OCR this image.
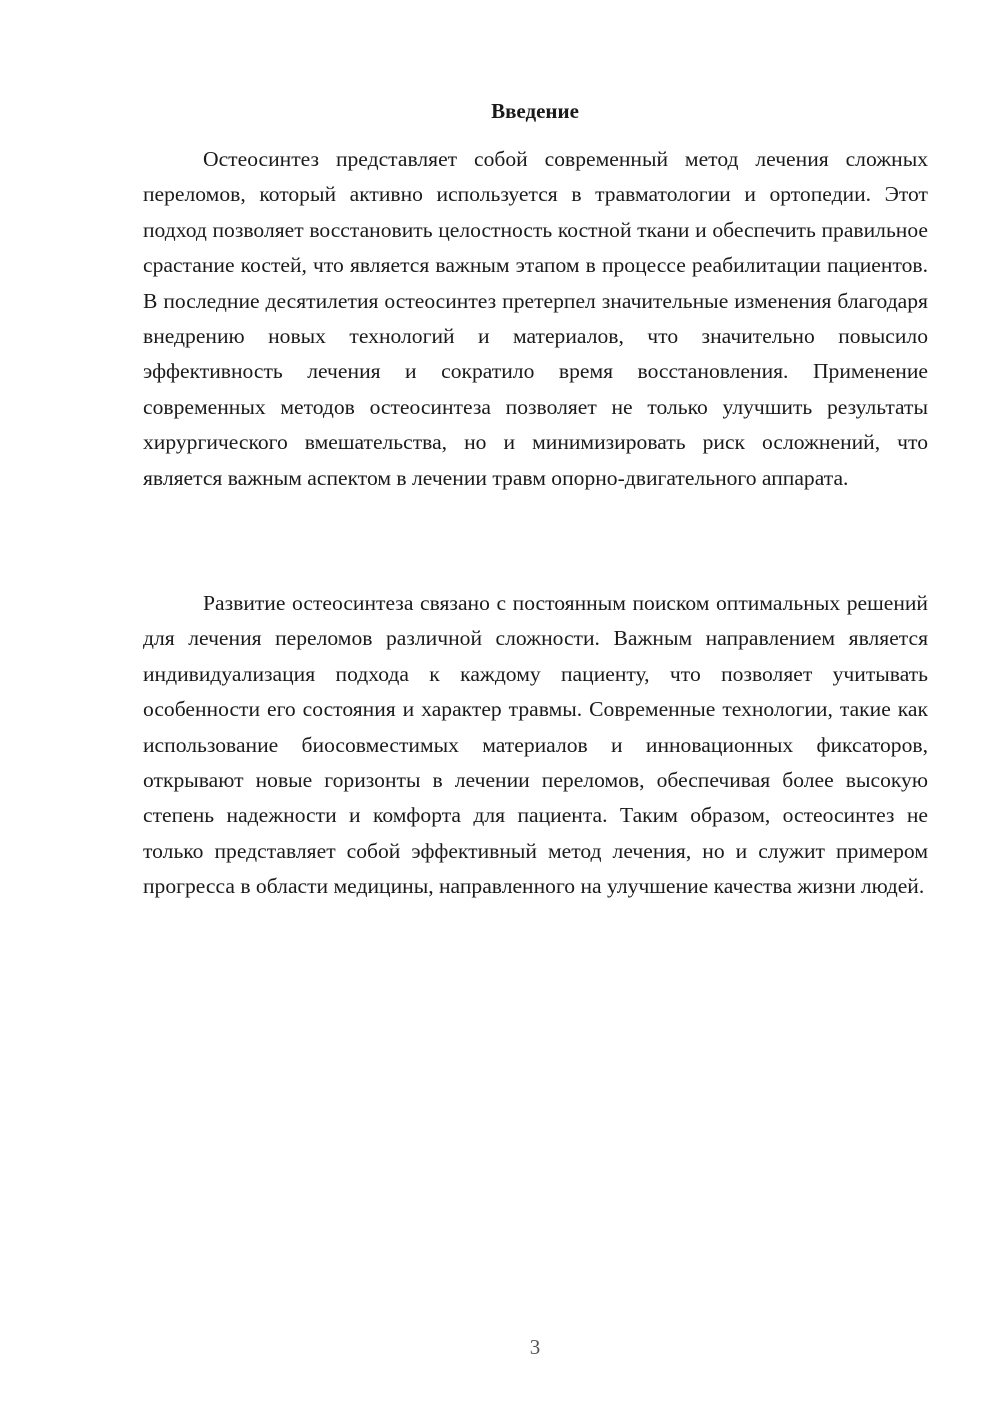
Введение

Остеосинтез представляет собой современный метод лечения сложных переломов, который активно используется в травматологии и ортопедии. Этот подход позволяет восстановить целостность костной ткани и обеспечить правильное срастание костей, что является важным этапом в процессе реабилитации пациентов. В последние десятилетия остеосинтез претерпел значительные изменения благодаря внедрению новых технологий и материалов, что значительно повысило эффективность лечения и сократило время восстановления. Применение современных методов остеосинтеза позволяет не только улучшить результаты хирургического вмешательства, но и минимизировать риск осложнений, что является важным аспектом в лечении травм опорно-двигательного аппарата.

Развитие остеосинтеза связано с постоянным поиском оптимальных решений для лечения переломов различной сложности. Важным направлением является индивидуализация подхода к каждому пациенту, что позволяет учитывать особенности его состояния и характер травмы. Современные технологии, такие как использование биосовместимых материалов и инновационных фиксаторов, открывают новые горизонты в лечении переломов, обеспечивая более высокую степень надежности и комфорта для пациента. Таким образом, остеосинтез не только представляет собой эффективный метод лечения, но и служит примером прогресса в области медицины, направленного на улучшение качества жизни людей.

3
